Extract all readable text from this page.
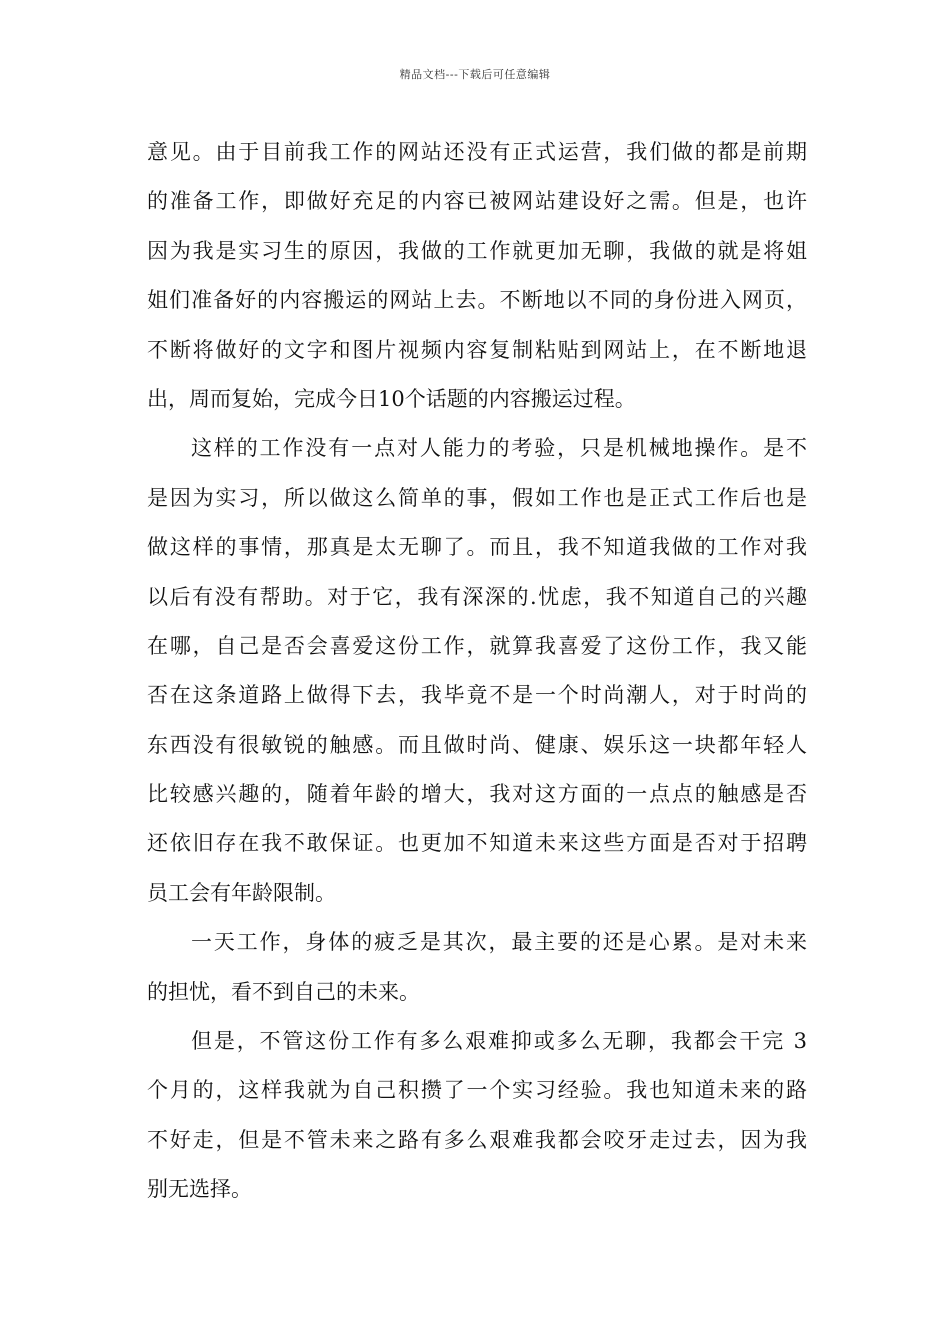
精品文档---下载后可任意编辑
意见。由于目前我工作的网站还没有正式运营，我们做的都是前期
的准备工作，即做好充足的内容已被网站建设好之需。但是，也许
因为我是实习生的原因，我做的工作就更加无聊，我做的就是将姐
姐们准备好的内容搬运的网站上去。不断地以不同的身份进入网页，
不断将做好的文字和图片视频内容复制粘贴到网站上，在不断地退
出，周而复始，完成今日10个话题的内容搬运过程。
这样的工作没有一点对人能力的考验，只是机械地操作。是不
是因为实习，所以做这么简单的事，假如工作也是正式工作后也是
做这样的事情，那真是太无聊了。而且，我不知道我做的工作对我
以后有没有帮助。对于它，我有深深的.忧虑，我不知道自己的兴趣
在哪，自己是否会喜爱这份工作，就算我喜爱了这份工作，我又能
否在这条道路上做得下去，我毕竟不是一个时尚潮人，对于时尚的
东西没有很敏锐的触感。而且做时尚、健康、娱乐这一块都年轻人
比较感兴趣的，随着年龄的增大，我对这方面的一点点的触感是否
还依旧存在我不敢保证。也更加不知道未来这些方面是否对于招聘
员工会有年龄限制。
一天工作，身体的疲乏是其次，最主要的还是心累。是对未来
的担忧，看不到自己的未来。
但是，不管这份工作有多么艰难抑或多么无聊，我都会干完 3
个月的，这样我就为自己积攒了一个实习经验。我也知道未来的路
不好走，但是不管未来之路有多么艰难我都会咬牙走过去，因为我
别无选择。
